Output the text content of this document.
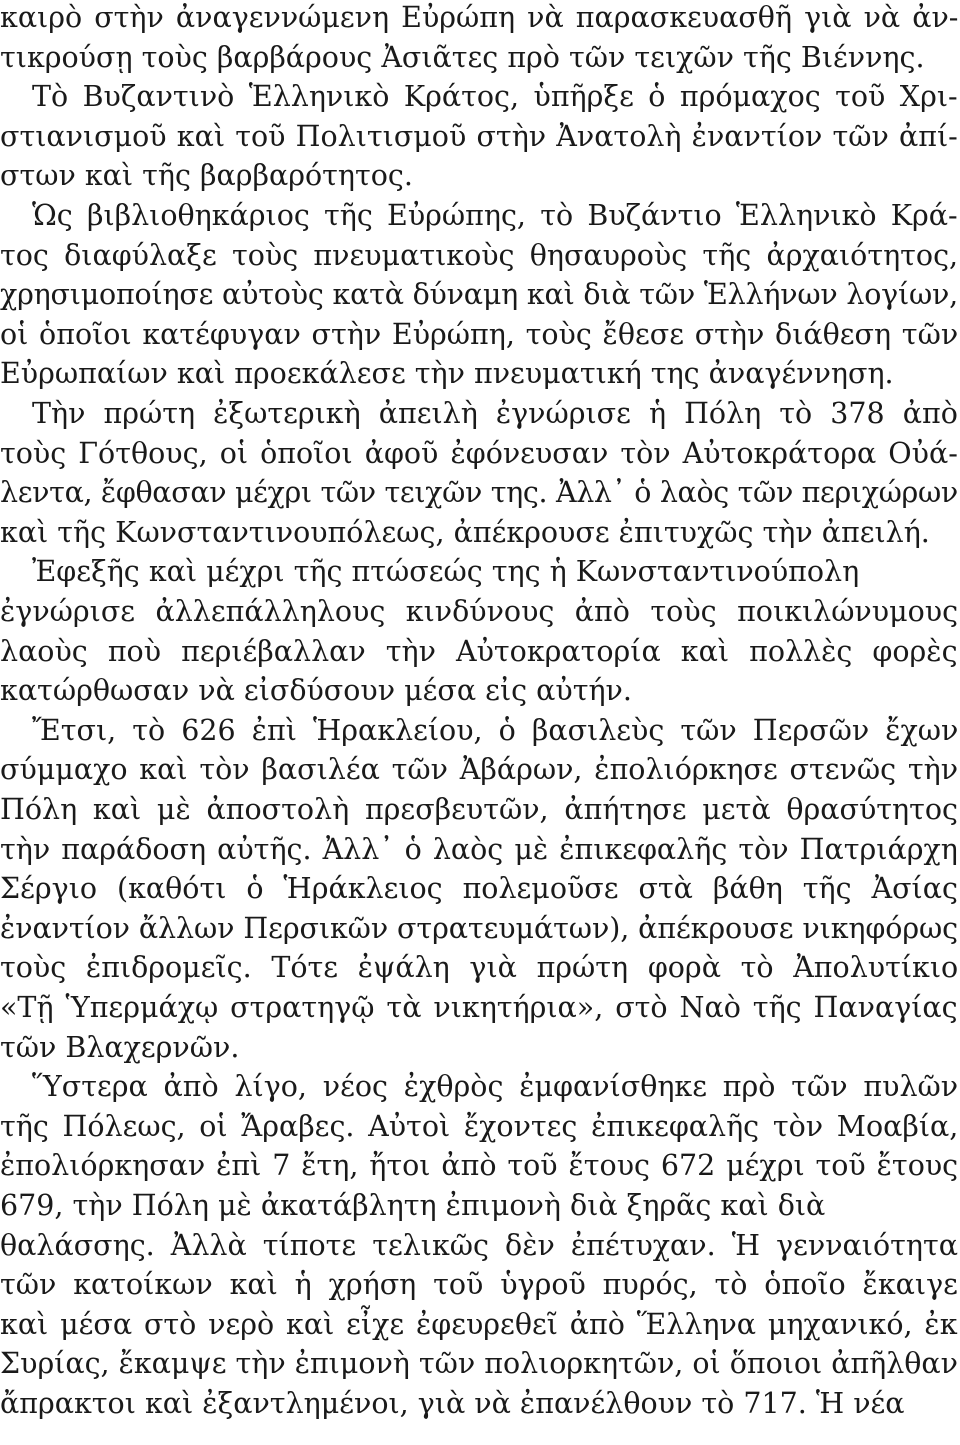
καιρὸ στὴν ἀναγεννώμενη Εὐρώπη νὰ παρασκευασθῆ γιὰ νὰ ἀν-
τικρούσῃ τοὺς βαρβάρους Ἀσιᾶτες πρὸ τῶν τειχῶν τῆς Βιέννης.
Τὸ Βυζαντινὸ Ἑλληνικὸ Κράτος, ὑπῆρξε ὁ πρόμαχος τοῦ Χρι-
στιανισμοῦ καὶ τοῦ Πολιτισμοῦ στὴν Ἀνατολὴ ἐναντίον τῶν ἀπί-
στων καὶ τῆς βαρβαρότητος.
Ὡς βιβλιοθηκάριος τῆς Εὐρώπης, τὸ Βυζάντιο Ἑλληνικὸ Κρά-
τος διαφύλαξε τοὺς πνευματικοὺς θησαυροὺς τῆς ἀρχαιότητος,
χρησιμοποίησε αὐτοὺς κατὰ δύναμη καὶ διὰ τῶν Ἑλλήνων λογίων,
οἱ ὁποῖοι κατέφυγαν στὴν Εὐρώπη, τοὺς ἔθεσε στὴν διάθεση τῶν
Εὐρωπαίων καὶ προεκάλεσε τὴν πνευματική της ἀναγέννηση.
Τὴν πρώτη ἐξωτερικὴ ἀπειλὴ ἐγνώρισε ἡ Πόλη τὸ 378 ἀπὸ
τοὺς Γότθους, οἱ ὁποῖοι ἀφοῦ ἐφόνευσαν τὸν Αὐτοκράτορα Οὐά-
λεντα, ἔφθασαν μέχρι τῶν τειχῶν της. Ἀλλ᾽ ὁ λαὸς τῶν περιχώρων
καὶ τῆς Κωνσταντινουπόλεως, ἀπέκρουσε ἐπιτυχῶς τὴν ἀπειλή.
Ἐφεξῆς καὶ μέχρι τῆς πτώσεώς της ἡ Κωνσταντινούπολη
ἐγνώρισε ἀλλεπάλληλους κινδύνους ἀπὸ τοὺς ποικιλώνυμους
λαοὺς ποὺ περιέβαλλαν τὴν Αὐτοκρατορία καὶ πολλὲς φορὲς
κατώρθωσαν νὰ εἰσδύσουν μέσα εἰς αὐτήν.
Ἔτσι, τὸ 626 ἐπὶ Ἡρακλείου, ὁ βασιλεὺς τῶν Περσῶν ἔχων
σύμμαχο καὶ τὸν βασιλέα τῶν Ἀβάρων, ἐπολιόρκησε στενῶς τὴν
Πόλη καὶ μὲ ἀποστολὴ πρεσβευτῶν, ἀπήτησε μετὰ θρασύτητος
τὴν παράδοση αὐτῆς. Ἀλλ᾽ ὁ λαὸς μὲ ἐπικεφαλῆς τὸν Πατριάρχη
Σέργιο (καθότι ὁ Ἡράκλειος πολεμοῦσε στὰ βάθη τῆς Ἀσίας
ἐναντίον ἄλλων Περσικῶν στρατευμάτων), ἀπέκρουσε νικηφόρως
τοὺς ἐπιδρομεῖς. Τότε ἐψάλη γιὰ πρώτη φορὰ τὸ Ἀπολυτίκιο
«Τῇ Ὑπερμάχῳ στρατηγῷ τὰ νικητήρια», στὸ Ναὸ τῆς Παναγίας
τῶν Βλαχερνῶν.
Ὕστερα ἀπὸ λίγο, νέος ἐχθρὸς ἐμφανίσθηκε πρὸ τῶν πυλῶν
τῆς Πόλεως, οἱ Ἄραβες. Αὐτοὶ ἔχοντες ἐπικεφαλῆς τὸν Μοαβία,
ἐπολιόρκησαν ἐπὶ 7 ἔτη, ἤτοι ἀπὸ τοῦ ἔτους 672 μέχρι τοῦ ἔτους
679, τὴν Πόλη μὲ ἀκατάβλητη ἐπιμονὴ διὰ ξηρᾶς καὶ διὰ
θαλάσσης. Ἀλλὰ τίποτε τελικῶς δὲν ἐπέτυχαν. Ἡ γενναιότητα
τῶν κατοίκων καὶ ἡ χρήση τοῦ ὑγροῦ πυρός, τὸ ὁποῖο ἔκαιγε
καὶ μέσα στὸ νερὸ καὶ εἶχε ἐφευρεθεῖ ἀπὸ Ἕλληνα μηχανικό, ἐκ
Συρίας, ἔκαμψε τὴν ἐπιμονὴ τῶν πολιορκητῶν, οἱ ὅποιοι ἀπῆλθαν
ἄπρακτοι καὶ ἐξαντλημένοι, γιὰ νὰ ἐπανέλθουν τὸ 717. Ἡ νέα
